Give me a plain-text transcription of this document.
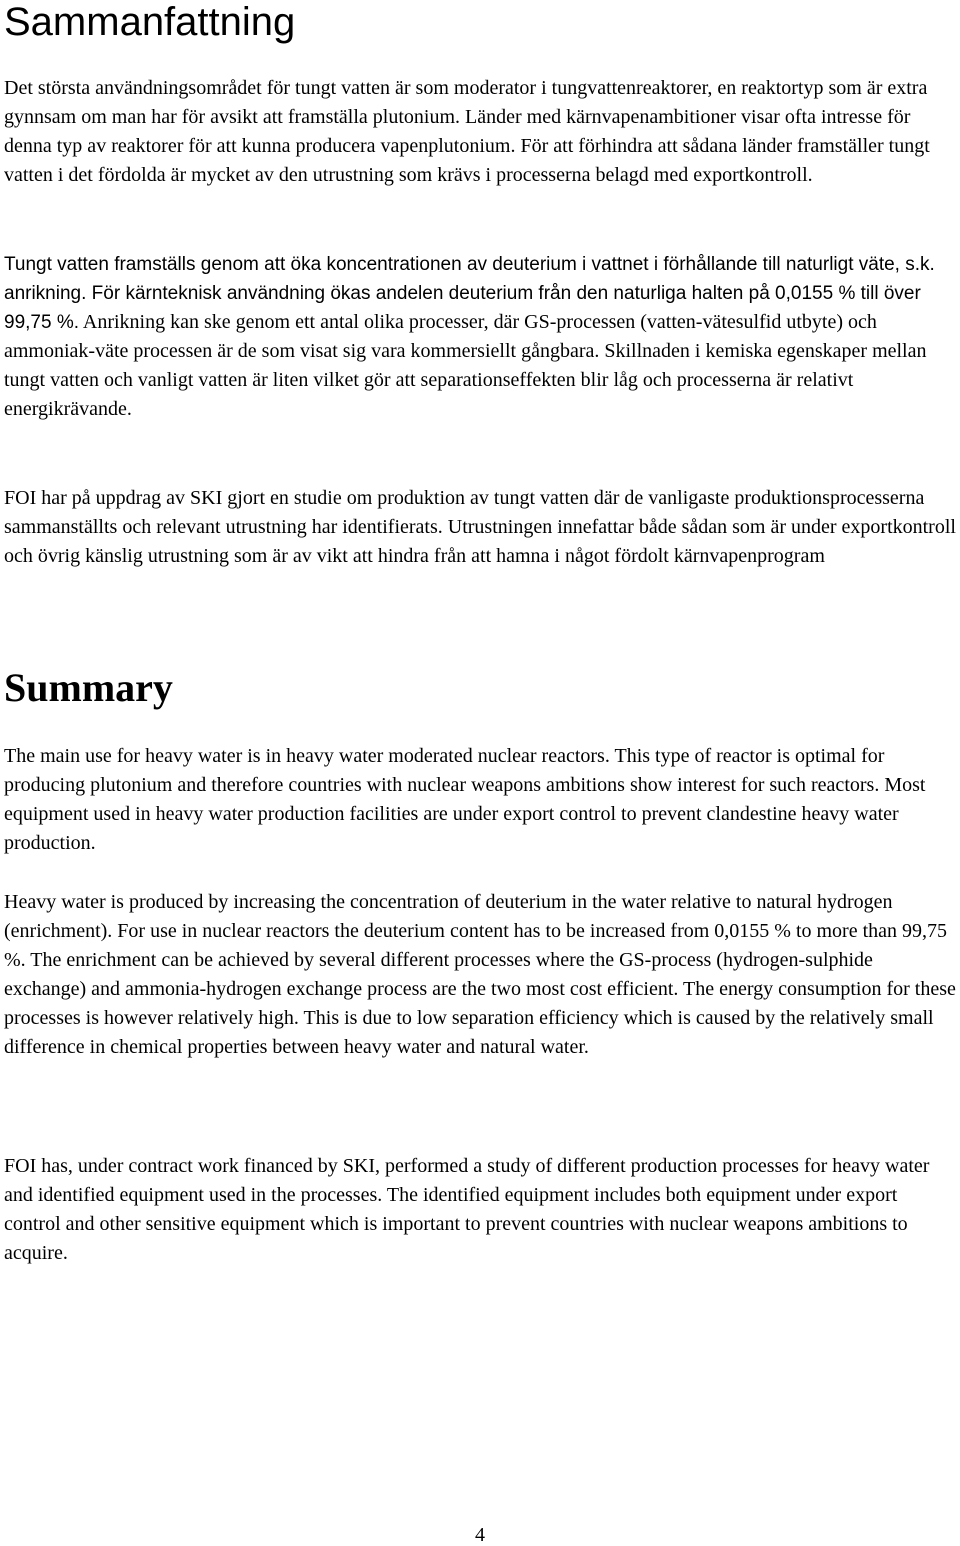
Sammanfattning

Det största användningsområdet för tungt vatten är som moderator i tungvattenreaktorer, en reaktortyp som är extra gynnsam om man har för avsikt att framställa plutonium. Länder med kärnvapenambitioner visar ofta intresse för denna typ av reaktorer för att kunna producera vapenplutonium. För att förhindra att sådana länder framställer tungt vatten i det fördolda är mycket av den utrustning som krävs i processerna belagd med exportkontroll.

Tungt vatten framställs genom att öka koncentrationen av deuterium i vattnet i förhållande till naturligt väte, s.k. anrikning. För kärnteknisk användning ökas andelen deuterium från den naturliga halten på 0,0155 % till över 99,75 %. Anrikning kan ske genom ett antal olika processer, där GS-processen (vatten-vätesulfid utbyte) och ammoniak-väte processen är de som visat sig vara kommersiellt gångbara. Skillnaden i kemiska egenskaper mellan tungt vatten och vanligt vatten är liten vilket gör att separationseffekten blir låg och processerna är relativt energikrävande.

FOI har på uppdrag av SKI gjort en studie om produktion av tungt vatten där de vanligaste produktionsprocesserna sammanställts och relevant utrustning har identifierats. Utrustningen innefattar både sådan som är under exportkontroll och övrig känslig utrustning som är av vikt att hindra från att hamna i något fördolt kärnvapenprogram

Summary

The main use for heavy water is in heavy water moderated nuclear reactors. This type of reactor is optimal for producing plutonium and therefore countries with nuclear weapons ambitions show interest for such reactors. Most equipment used in heavy water production facilities are under export control to prevent clandestine heavy water production.

Heavy water is produced by increasing the concentration of deuterium in the water relative to natural hydrogen (enrichment). For use in nuclear reactors the deuterium content has to be increased from 0,0155 % to more than 99,75 %. The enrichment can be achieved by several different processes where the GS-process (hydrogen-sulphide exchange) and ammonia-hydrogen exchange process are the two most cost efficient. The energy consumption for these processes is however relatively high. This is due to low separation efficiency which is caused by the relatively small difference in chemical properties between heavy water and natural water.

FOI has, under contract work financed by SKI, performed a study of different production processes for heavy water and identified equipment used in the processes. The identified equipment includes both equipment under export control and other sensitive equipment which is important to prevent countries with nuclear weapons ambitions to acquire.

4
